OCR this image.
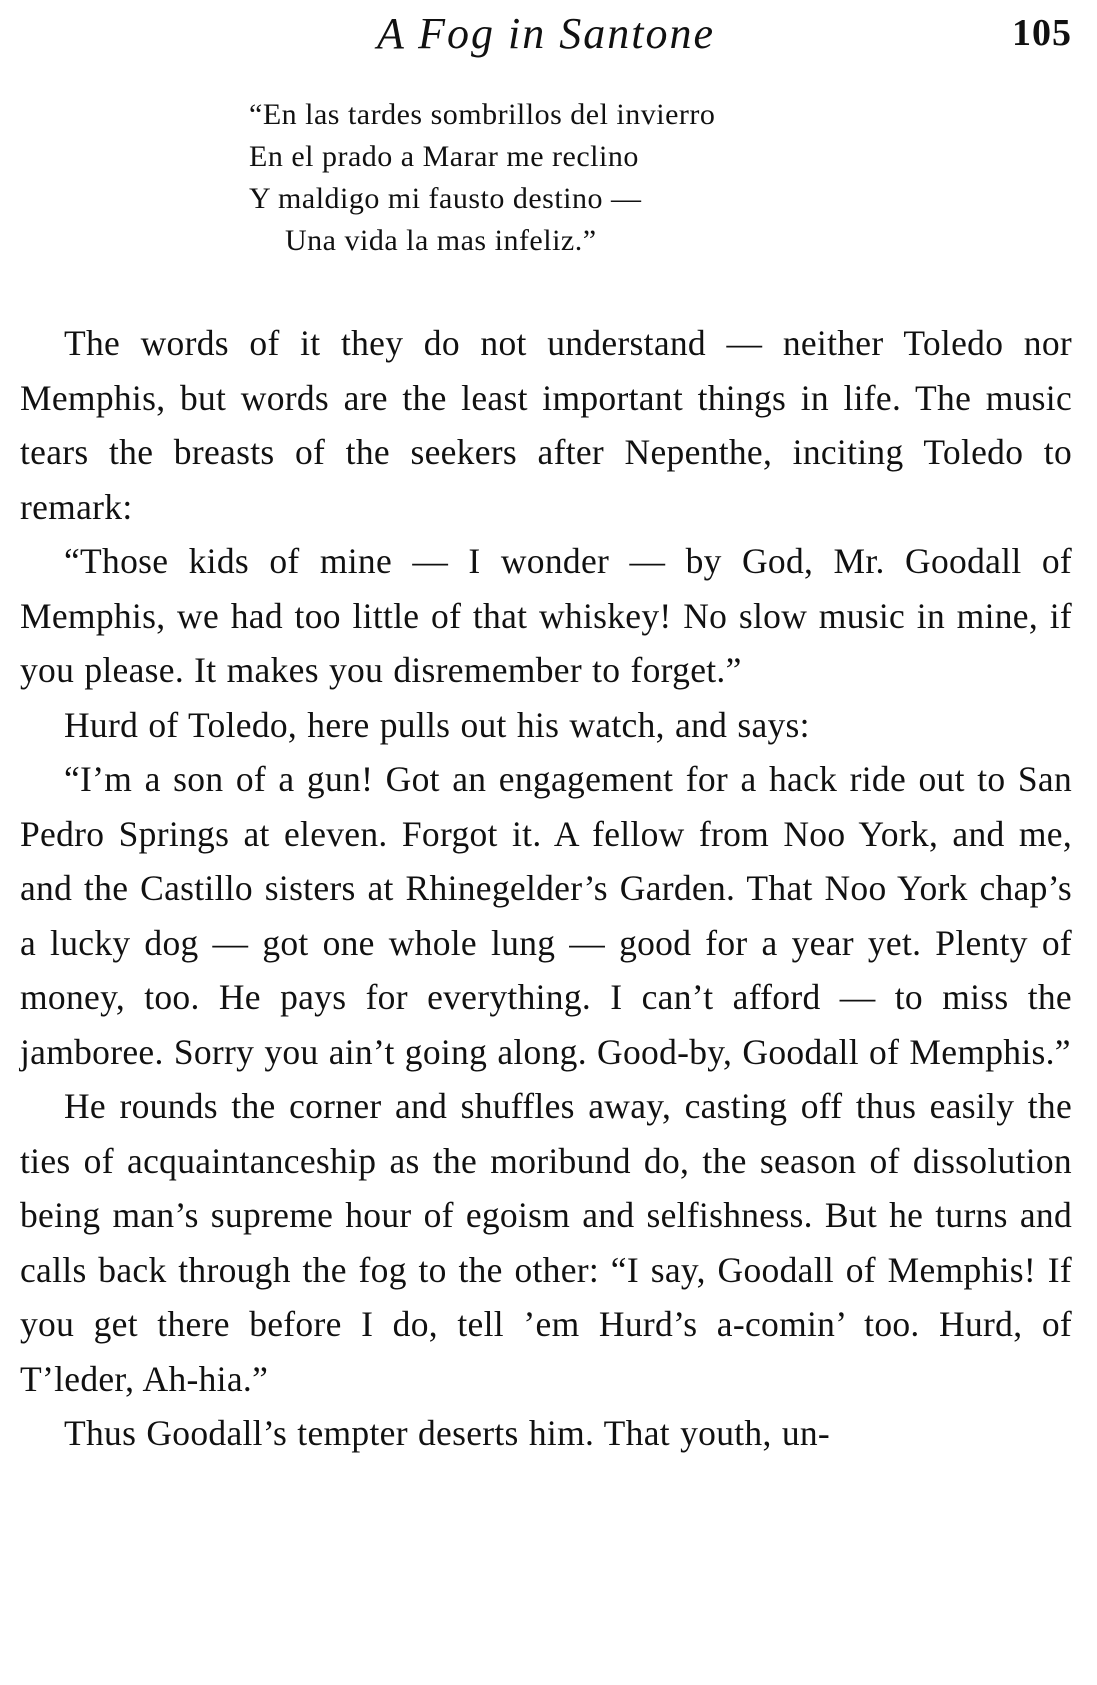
A Fog in Santone	105
“En las tardes sombrillos del invierro
En el prado a Marar me reclino
Y maldigo mi fausto destino —
Una vida la mas infeliz.”

The words of it they do not understand — neither Toledo nor Memphis, but words are the least important things in life. The music tears the breasts of the seekers after Nepenthe, inciting Toledo to remark:

“Those kids of mine — I wonder — by God, Mr. Goodall of Memphis, we had too little of that whiskey! No slow music in mine, if you please. It makes you disremember to forget.”

Hurd of Toledo, here pulls out his watch, and says:

“I’m a son of a gun! Got an engagement for a hack ride out to San Pedro Springs at eleven. Forgot it. A fellow from Noo York, and me, and the Castillo sisters at Rhinegelder’s Garden. That Noo York chap’s a lucky dog — got one whole lung — good for a year yet. Plenty of money, too. He pays for everything. I can’t afford — to miss the jamboree. Sorry you ain’t going along. Good-by, Goodall of Memphis.”

He rounds the corner and shuffles away, casting off thus easily the ties of acquaintanceship as the moribund do, the season of dissolution being man’s supreme hour of egoism and selfishness. But he turns and calls back through the fog to the other: “I say, Goodall of Memphis! If you get there before I do, tell ’em Hurd’s a-comin’ too. Hurd, of T’leder, Ah-hia.”

Thus Goodall’s tempter deserts him. That youth, un-
